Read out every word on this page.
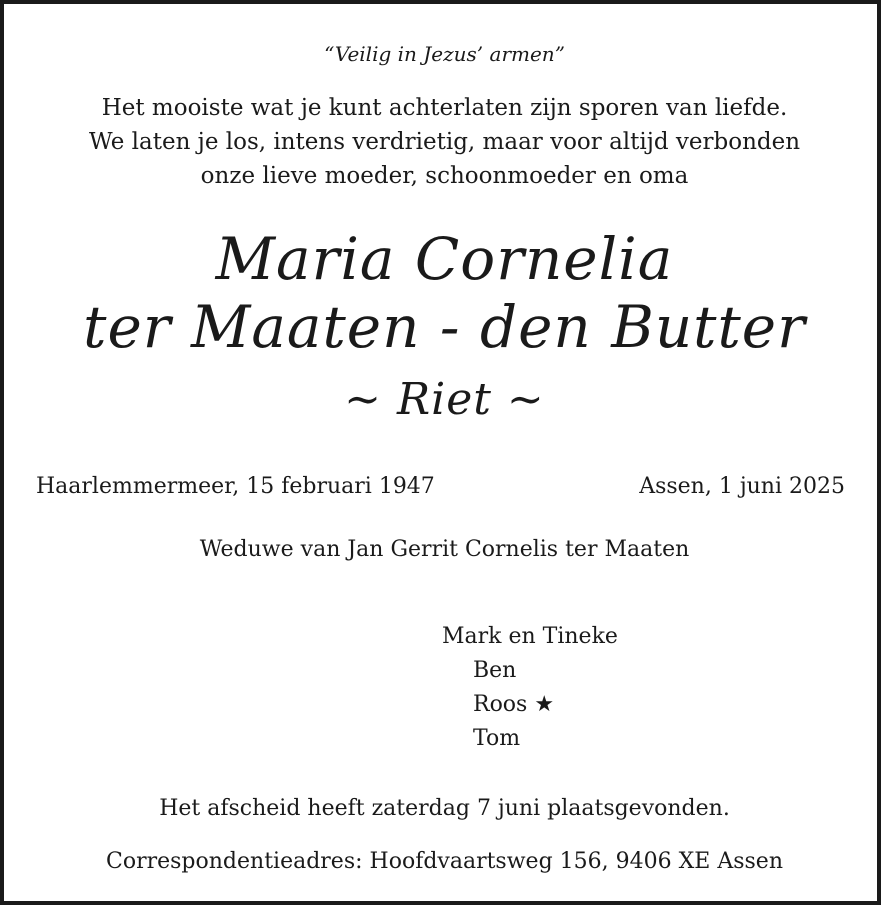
“Veilig in Jezus’ armen”
Het mooiste wat je kunt achterlaten zijn sporen van liefde.
We laten je los, intens verdrietig, maar voor altijd verbonden
onze lieve moeder, schoonmoeder en oma
Maria Cornelia
ter Maaten - den Butter
~ Riet ~
Haarlemmermeer, 15 februari 1947	Assen, 1 juni 2025
Weduwe van Jan Gerrit Cornelis ter Maaten
Mark en Tineke
Ben
Roos ★
Tom
Het afscheid heeft zaterdag 7 juni plaatsgevonden.
Correspondentieadres: Hoofdvaartsweg 156, 9406 XE Assen
